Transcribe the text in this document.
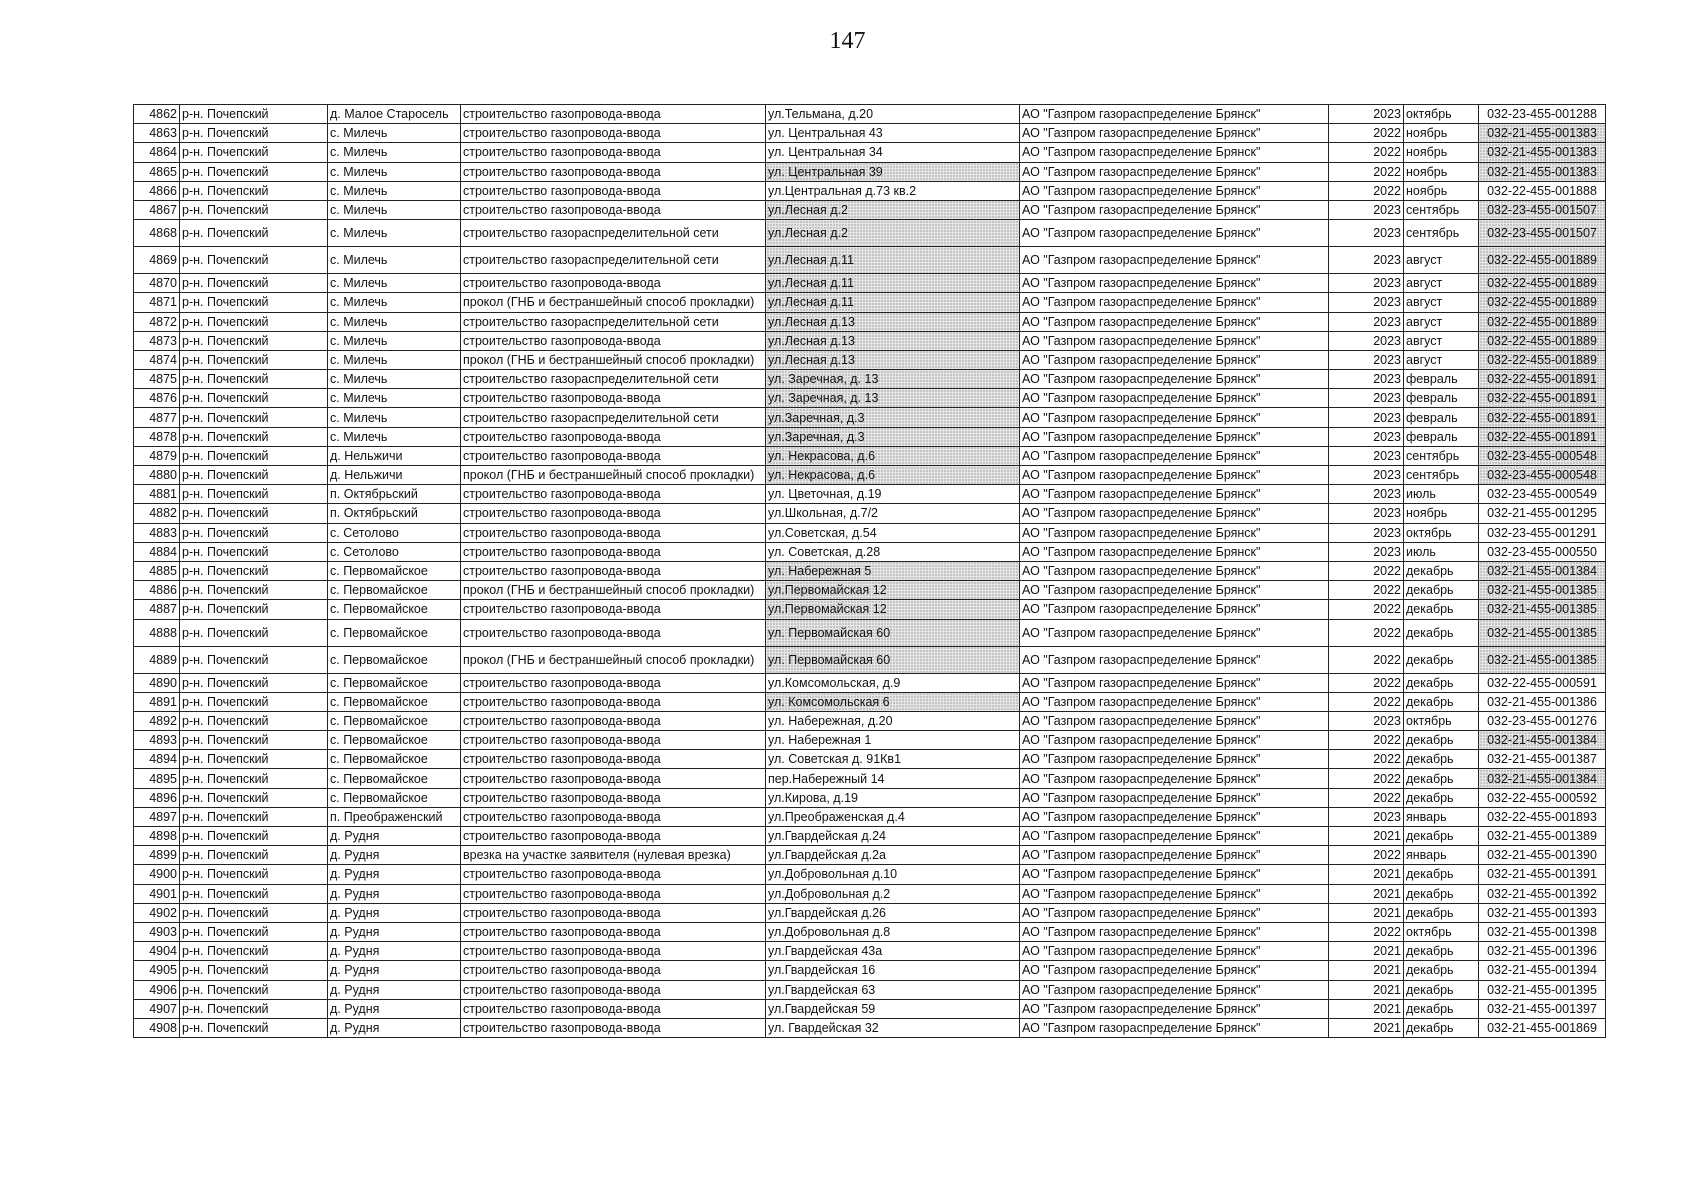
147
4862	р-н. Почепский	д. Малое Старосель	строительство газопровода-ввода	ул.Тельмана, д.20	АО "Газпром газораспределение Брянск"	2023	октябрь	032-23-455-001288
4863	р-н. Почепский	с. Милечь	строительство газопровода-ввода	ул. Центральная 43	АО "Газпром газораспределение Брянск"	2022	ноябрь	032-21-455-001383
4864	р-н. Почепский	с. Милечь	строительство газопровода-ввода	ул. Центральная 34	АО "Газпром газораспределение Брянск"	2022	ноябрь	032-21-455-001383
4865	р-н. Почепский	с. Милечь	строительство газопровода-ввода	ул. Центральная 39	АО "Газпром газораспределение Брянск"	2022	ноябрь	032-21-455-001383
4866	р-н. Почепский	с. Милечь	строительство газопровода-ввода	ул.Центральная д.73 кв.2	АО "Газпром газораспределение Брянск"	2022	ноябрь	032-22-455-001888
4867	р-н. Почепский	с. Милечь	строительство газопровода-ввода	ул.Лесная д.2	АО "Газпром газораспределение Брянск"	2023	сентябрь	032-23-455-001507
4868	р-н. Почепский	с. Милечь	строительство газораспределительной сети	ул.Лесная д.2	АО "Газпром газораспределение Брянск"	2023	сентябрь	032-23-455-001507
4869	р-н. Почепский	с. Милечь	строительство газораспределительной сети	ул.Лесная д.11	АО "Газпром газораспределение Брянск"	2023	август	032-22-455-001889
4870	р-н. Почепский	с. Милечь	строительство газопровода-ввода	ул.Лесная д.11	АО "Газпром газораспределение Брянск"	2023	август	032-22-455-001889
4871	р-н. Почепский	с. Милечь	прокол (ГНБ и бестраншейный способ прокладки)	ул.Лесная д.11	АО "Газпром газораспределение Брянск"	2023	август	032-22-455-001889
4872	р-н. Почепский	с. Милечь	строительство газораспределительной сети	ул.Лесная д.13	АО "Газпром газораспределение Брянск"	2023	август	032-22-455-001889
4873	р-н. Почепский	с. Милечь	строительство газопровода-ввода	ул.Лесная д.13	АО "Газпром газораспределение Брянск"	2023	август	032-22-455-001889
4874	р-н. Почепский	с. Милечь	прокол (ГНБ и бестраншейный способ прокладки)	ул.Лесная д.13	АО "Газпром газораспределение Брянск"	2023	август	032-22-455-001889
4875	р-н. Почепский	с. Милечь	строительство газораспределительной сети	ул. Заречная, д. 13	АО "Газпром газораспределение Брянск"	2023	февраль	032-22-455-001891
4876	р-н. Почепский	с. Милечь	строительство газопровода-ввода	ул. Заречная, д. 13	АО "Газпром газораспределение Брянск"	2023	февраль	032-22-455-001891
4877	р-н. Почепский	с. Милечь	строительство газораспределительной сети	ул.Заречная, д.3	АО "Газпром газораспределение Брянск"	2023	февраль	032-22-455-001891
4878	р-н. Почепский	с. Милечь	строительство газопровода-ввода	ул.Заречная, д.3	АО "Газпром газораспределение Брянск"	2023	февраль	032-22-455-001891
4879	р-н. Почепский	д. Нельжичи	строительство газопровода-ввода	ул. Некрасова, д.6	АО "Газпром газораспределение Брянск"	2023	сентябрь	032-23-455-000548
4880	р-н. Почепский	д. Нельжичи	прокол (ГНБ и бестраншейный способ прокладки)	ул. Некрасова, д.6	АО "Газпром газораспределение Брянск"	2023	сентябрь	032-23-455-000548
4881	р-н. Почепский	п. Октябрьский	строительство газопровода-ввода	ул. Цветочная, д.19	АО "Газпром газораспределение Брянск"	2023	июль	032-23-455-000549
4882	р-н. Почепский	п. Октябрьский	строительство газопровода-ввода	ул.Школьная, д.7/2	АО "Газпром газораспределение Брянск"	2023	ноябрь	032-21-455-001295
4883	р-н. Почепский	с. Сетолово	строительство газопровода-ввода	ул.Советская, д.54	АО "Газпром газораспределение Брянск"	2023	октябрь	032-23-455-001291
4884	р-н. Почепский	с. Сетолово	строительство газопровода-ввода	ул. Советская, д.28	АО "Газпром газораспределение Брянск"	2023	июль	032-23-455-000550
4885	р-н. Почепский	с. Первомайское	строительство газопровода-ввода	ул. Набережная 5	АО "Газпром газораспределение Брянск"	2022	декабрь	032-21-455-001384
4886	р-н. Почепский	с. Первомайское	прокол (ГНБ и бестраншейный способ прокладки)	ул.Первомайская 12	АО "Газпром газораспределение Брянск"	2022	декабрь	032-21-455-001385
4887	р-н. Почепский	с. Первомайское	строительство газопровода-ввода	ул.Первомайская 12	АО "Газпром газораспределение Брянск"	2022	декабрь	032-21-455-001385
4888	р-н. Почепский	с. Первомайское	строительство газопровода-ввода	ул. Первомайская 60	АО "Газпром газораспределение Брянск"	2022	декабрь	032-21-455-001385
4889	р-н. Почепский	с. Первомайское	прокол (ГНБ и бестраншейный способ прокладки)	ул. Первомайская 60	АО "Газпром газораспределение Брянск"	2022	декабрь	032-21-455-001385
4890	р-н. Почепский	с. Первомайское	строительство газопровода-ввода	ул.Комсомольская, д.9	АО "Газпром газораспределение Брянск"	2022	декабрь	032-22-455-000591
4891	р-н. Почепский	с. Первомайское	строительство газопровода-ввода	ул. Комсомольская 6	АО "Газпром газораспределение Брянск"	2022	декабрь	032-21-455-001386
4892	р-н. Почепский	с. Первомайское	строительство газопровода-ввода	ул. Набережная, д.20	АО "Газпром газораспределение Брянск"	2023	октябрь	032-23-455-001276
4893	р-н. Почепский	с. Первомайское	строительство газопровода-ввода	ул. Набережная 1	АО "Газпром газораспределение Брянск"	2022	декабрь	032-21-455-001384
4894	р-н. Почепский	с. Первомайское	строительство газопровода-ввода	ул. Советская д. 91Кв1	АО "Газпром газораспределение Брянск"	2022	декабрь	032-21-455-001387
4895	р-н. Почепский	с. Первомайское	строительство газопровода-ввода	пер.Набережный 14	АО "Газпром газораспределение Брянск"	2022	декабрь	032-21-455-001384
4896	р-н. Почепский	с. Первомайское	строительство газопровода-ввода	ул.Кирова, д.19	АО "Газпром газораспределение Брянск"	2022	декабрь	032-22-455-000592
4897	р-н. Почепский	п. Преображенский	строительство газопровода-ввода	ул.Преображенская д.4	АО "Газпром газораспределение Брянск"	2023	январь	032-22-455-001893
4898	р-н. Почепский	д. Рудня	строительство газопровода-ввода	ул.Гвардейская д.24	АО "Газпром газораспределение Брянск"	2021	декабрь	032-21-455-001389
4899	р-н. Почепский	д. Рудня	врезка на участке заявителя (нулевая врезка)	ул.Гвардейская д.2а	АО "Газпром газораспределение Брянск"	2022	январь	032-21-455-001390
4900	р-н. Почепский	д. Рудня	строительство газопровода-ввода	ул.Добровольная д.10	АО "Газпром газораспределение Брянск"	2021	декабрь	032-21-455-001391
4901	р-н. Почепский	д. Рудня	строительство газопровода-ввода	ул.Добровольная д.2	АО "Газпром газораспределение Брянск"	2021	декабрь	032-21-455-001392
4902	р-н. Почепский	д. Рудня	строительство газопровода-ввода	ул.Гвардейская д.26	АО "Газпром газораспределение Брянск"	2021	декабрь	032-21-455-001393
4903	р-н. Почепский	д. Рудня	строительство газопровода-ввода	ул.Добровольная д.8	АО "Газпром газораспределение Брянск"	2022	октябрь	032-21-455-001398
4904	р-н. Почепский	д. Рудня	строительство газопровода-ввода	ул.Гвардейская 43а	АО "Газпром газораспределение Брянск"	2021	декабрь	032-21-455-001396
4905	р-н. Почепский	д. Рудня	строительство газопровода-ввода	ул.Гвардейская 16	АО "Газпром газораспределение Брянск"	2021	декабрь	032-21-455-001394
4906	р-н. Почепский	д. Рудня	строительство газопровода-ввода	ул.Гвардейская 63	АО "Газпром газораспределение Брянск"	2021	декабрь	032-21-455-001395
4907	р-н. Почепский	д. Рудня	строительство газопровода-ввода	ул.Гвардейская 59	АО "Газпром газораспределение Брянск"	2021	декабрь	032-21-455-001397
4908	р-н. Почепский	д. Рудня	строительство газопровода-ввода	ул. Гвардейская 32	АО "Газпром газораспределение Брянск"	2021	декабрь	032-21-455-001869
